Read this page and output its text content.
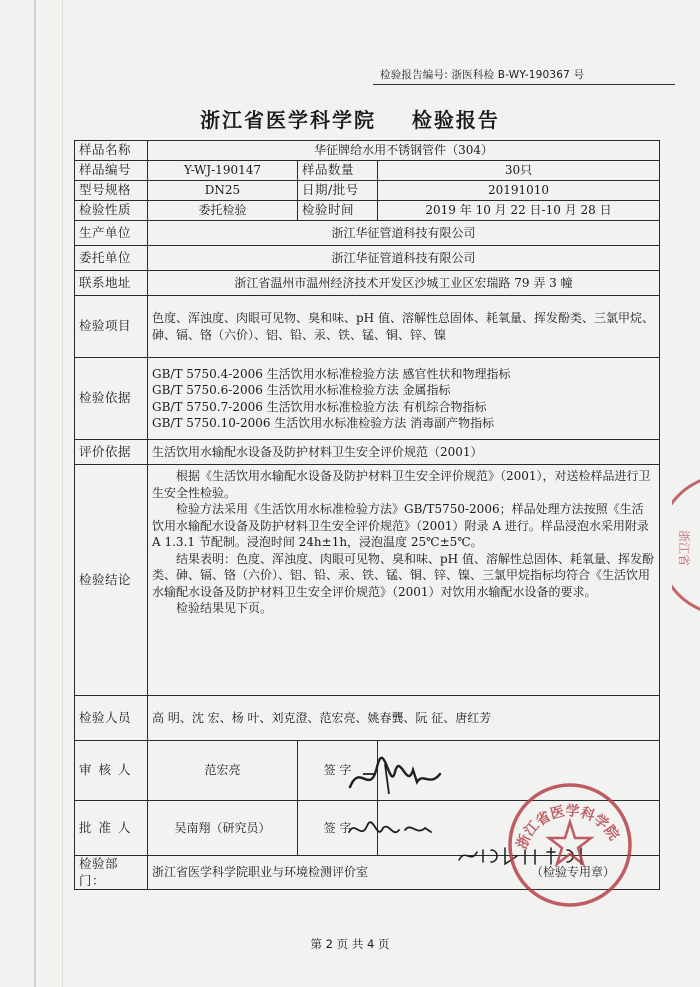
检验报告编号: 浙医科检 B-WY-190367 号
浙江省医学科学院    检验报告
样品名称	华征牌给水用不锈钢管件（304）		
样品编号	Y-WJ-190147	样品数量	30只
型号规格	DN25	日期/批号	20191010
检验性质	委托检验	检验时间	2019 年 10 月 22 日-10 月 28 日
生产单位	浙江华征管道科技有限公司		
委托单位	浙江华征管道科技有限公司		
联系地址	浙江省温州市温州经济技术开发区沙城工业区宏瑞路 79 弄 3 幢		
检验项目	色度、浑浊度、肉眼可见物、臭和味、pH 值、溶解性总固体、耗氧量、挥发酚类、三氯甲烷、砷、镉、铬（六价）、铝、铅、汞、铁、锰、铜、锌、镍		
检验依据	GB/T 5750.4-2006 生活饮用水标准检验方法 感官性状和物理指标
GB/T 5750.6-2006 生活饮用水标准检验方法 金属指标
GB/T 5750.7-2006 生活饮用水标准检验方法 有机综合物指标
GB/T 5750.10-2006 生活饮用水标准检验方法 消毒副产物指标		

评价依据	生活饮用水输配水设备及防护材料卫生安全评价规范（2001）		
检验结论	根据《生活饮用水输配水设备及防护材料卫生安全评价规范》（2001），对送检样品进行卫生安全性检验。

检验方法采用《生活饮用水标准检验方法》GB/T5750-2006；样品处理方法按照《生活饮用水输配水设备及防护材料卫生安全评价规范》（2001）附录 A 进行。样品浸泡水采用附录 A 1.3.1 节配制。浸泡时间 24h±1h，浸泡温度 25℃±5℃。

结果表明：色度、浑浊度、肉眼可见物、臭和味、pH 值、溶解性总固体、耗氧量、挥发酚类、砷、镉、铬（六价）、铝、铅、汞、铁、锰、铜、锌、镍、三氯甲烷指标均符合《生活饮用水输配水设备及防护材料卫生安全评价规范》（2001）对饮用水输配水设备的要求。

检验结果见下页。		

检验人员	高 明、沈 宏、杨 叶、刘克澄、范宏亮、姚春龔、阮 征、唐红芳		
审核人	范宏亮	签 字	
批准人	吴南翔（研究员）	签 字	
检验部门：	浙江省医学科学院职业与环境检测评价室 （检验专用章）		
浙江省医学科学院
浙江省
第 2 页 共 4 页
